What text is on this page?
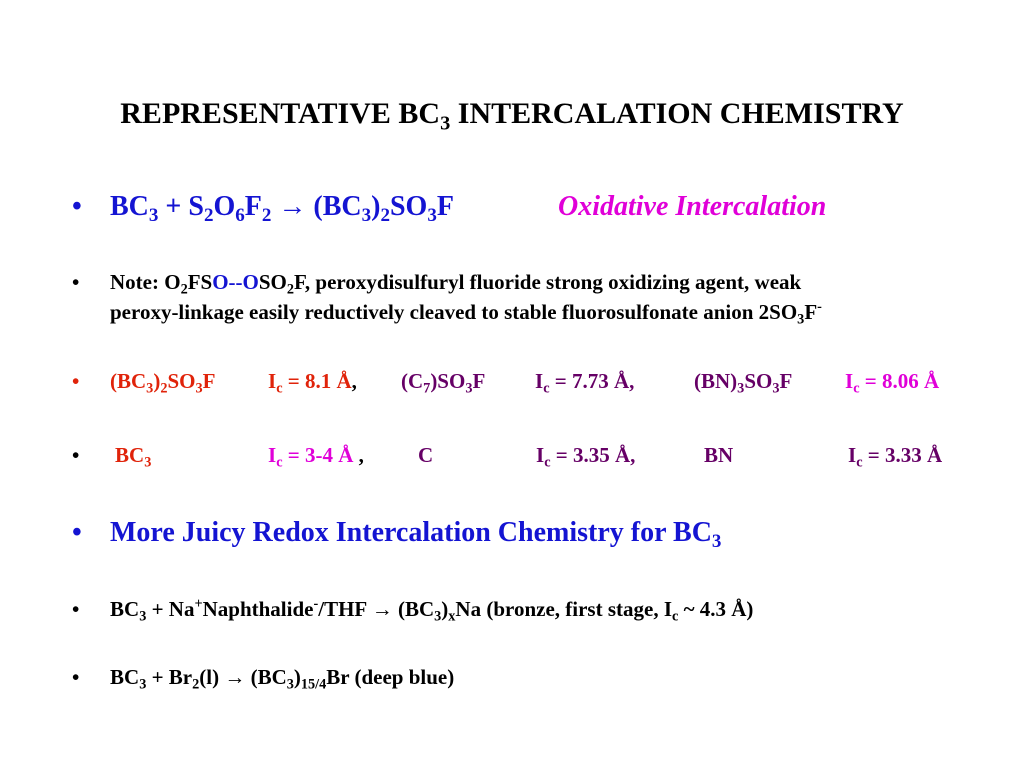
REPRESENTATIVE $BC_3$ INTERCALATION CHEMISTRY
• $BC_3 + S_2O_6F_2 \to (BC_3)_2SO_3F$	Oxidative Intercalation
• Note: $O_2FSO--OSO_2F$, peroxydisulfuryl fluoride strong oxidizing agent, weak
peroxy-linkage easily reductively cleaved to stable fluorosulfonate anion $2SO_3F^-$
• $(BC_3)_2SO_3F$	$I_c = 8.1$ Å, $(C_7)SO_3F$ $I_c = 7.73$ Å,	$(BN)_3SO_3F$	$I_c = 8.06$ Å
• $BC_3$	$I_c = 3-4$ Å ,	C	$I_c = 3.35$ Å,	BN	$I_c = 3.33$ Å
• More Juicy Redox Intercalation Chemistry for $BC_3$
• $BC_3$ + Na+Naphthalide-/THF → $(BC_3)_xNa$ (bronze, first stage, $I_c$ ~ 4.3 Å)
• $BC_3 + Br_2(l) \to (BC_3)_{15/4}Br$ (deep blue)
